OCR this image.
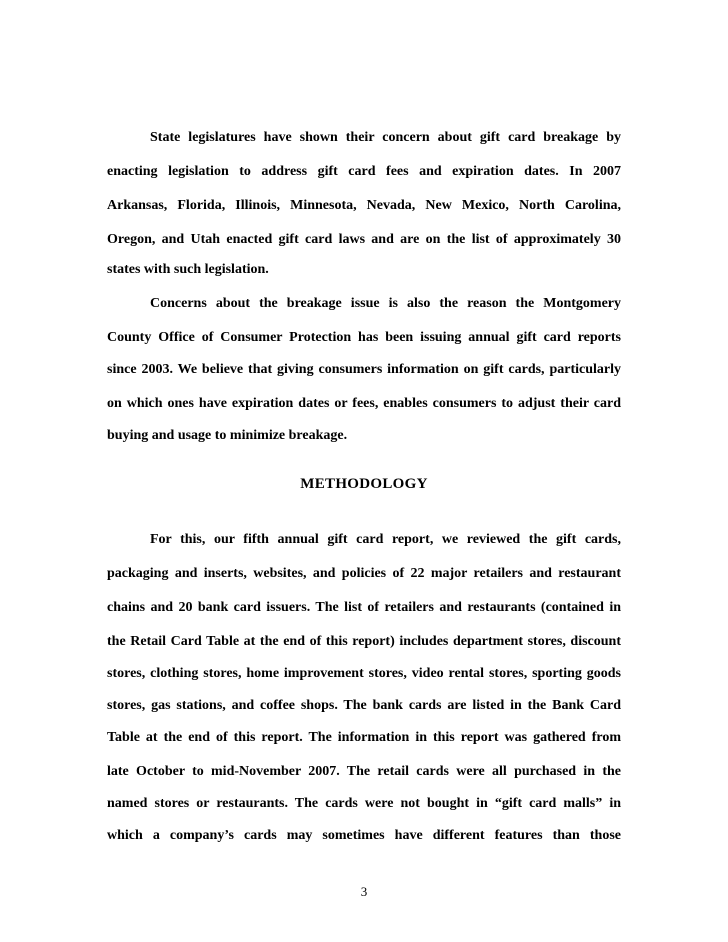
State legislatures have shown their concern about gift card breakage by
enacting legislation to address gift card fees and expiration dates. In 2007
Arkansas, Florida, Illinois, Minnesota, Nevada, New Mexico, North Carolina,
Oregon, and Utah enacted gift card laws and are on the list of approximately 30
states with such legislation.
Concerns about the breakage issue is also the reason the Montgomery
County Office of Consumer Protection has been issuing annual gift card reports
since 2003. We believe that giving consumers information on gift cards, particularly
on which ones have expiration dates or fees, enables consumers to adjust their card
buying and usage to minimize breakage.
METHODOLOGY
For this, our fifth annual gift card report, we reviewed the gift cards,
packaging and inserts, websites, and policies of 22 major retailers and restaurant
chains and 20 bank card issuers. The list of retailers and restaurants (contained in
the Retail Card Table at the end of this report) includes department stores, discount
stores, clothing stores, home improvement stores, video rental stores, sporting goods
stores, gas stations, and coffee shops. The bank cards are listed in the Bank Card
Table at the end of this report. The information in this report was gathered from
late October to mid-November 2007. The retail cards were all purchased in the
named stores or restaurants. The cards were not bought in “gift card malls” in
which a company’s cards may sometimes have different features than those
3
